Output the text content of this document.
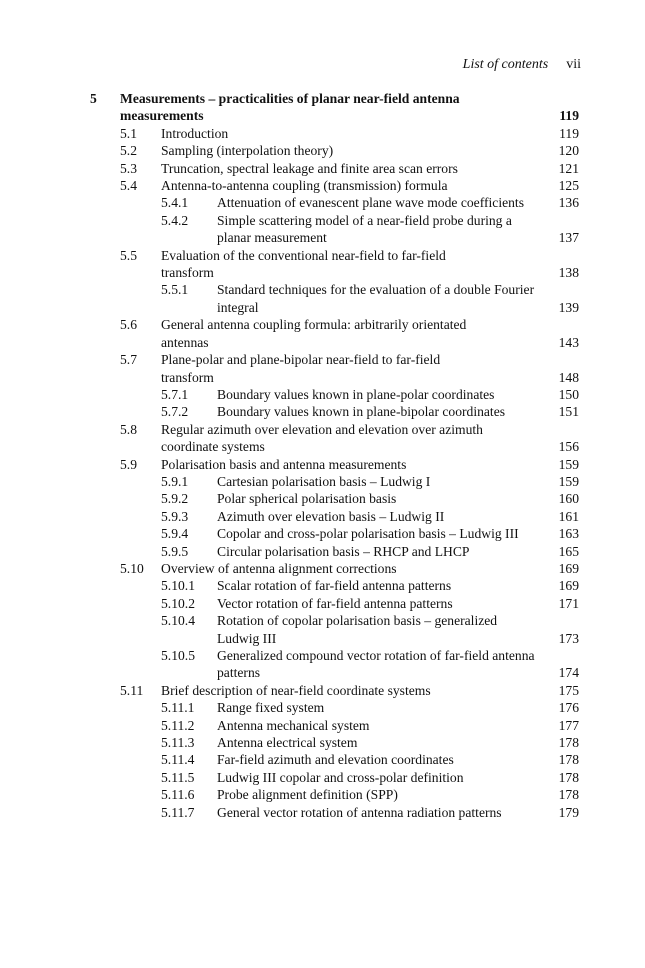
List of contents vii
5 Measurements – practicalities of planar near-field antenna measurements	119
5.1 Introduction	119
5.2 Sampling (interpolation theory)	120
5.3 Truncation, spectral leakage and finite area scan errors	121
5.4 Antenna-to-antenna coupling (transmission) formula	125
5.4.1 Attenuation of evanescent plane wave mode coefficients	136
5.4.2 Simple scattering model of a near-field probe during a planar measurement	137
5.5 Evaluation of the conventional near-field to far-field transform	138
5.5.1 Standard techniques for the evaluation of a double Fourier integral	139
5.6 General antenna coupling formula: arbitrarily orientated antennas	143
5.7 Plane-polar and plane-bipolar near-field to far-field transform	148
5.7.1 Boundary values known in plane-polar coordinates	150
5.7.2 Boundary values known in plane-bipolar coordinates	151
5.8 Regular azimuth over elevation and elevation over azimuth coordinate systems	156
5.9 Polarisation basis and antenna measurements	159
5.9.1 Cartesian polarisation basis – Ludwig I	159
5.9.2 Polar spherical polarisation basis	160
5.9.3 Azimuth over elevation basis – Ludwig II	161
5.9.4 Copolar and cross-polar polarisation basis – Ludwig III	163
5.9.5 Circular polarisation basis – RHCP and LHCP	165
5.10 Overview of antenna alignment corrections	169
5.10.1 Scalar rotation of far-field antenna patterns	169
5.10.2 Vector rotation of far-field antenna patterns	171
5.10.4 Rotation of copolar polarisation basis – generalized Ludwig III	173
5.10.5 Generalized compound vector rotation of far-field antenna patterns	174
5.11 Brief description of near-field coordinate systems	175
5.11.1 Range fixed system	176
5.11.2 Antenna mechanical system	177
5.11.3 Antenna electrical system	178
5.11.4 Far-field azimuth and elevation coordinates	178
5.11.5 Ludwig III copolar and cross-polar definition	178
5.11.6 Probe alignment definition (SPP)	178
5.11.7 General vector rotation of antenna radiation patterns	179
